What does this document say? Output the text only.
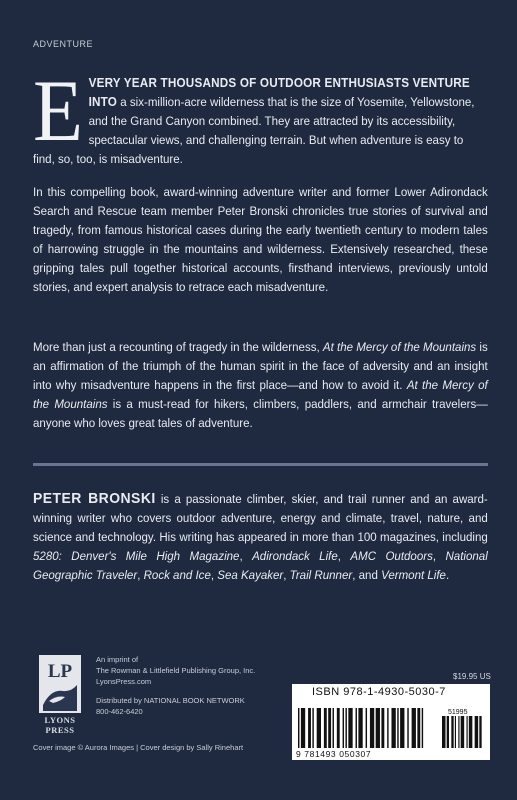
ADVENTURE
E VERY YEAR THOUSANDS OF OUTDOOR ENTHUSIASTS VENTURE INTO a six-million-acre wilderness that is the size of Yosemite, Yellowstone, and the Grand Canyon combined. They are attracted by its accessibility, spectacular views, and challenging terrain. But when adventure is easy to find, so, too, is misadventure.
In this compelling book, award-winning adventure writer and former Lower Adirondack Search and Rescue team member Peter Bronski chronicles true stories of survival and tragedy, from famous historical cases during the early twentieth century to modern tales of harrowing struggle in the mountains and wilderness. Extensively researched, these gripping tales pull together historical accounts, firsthand interviews, previously untold stories, and expert analysis to retrace each misadventure.
More than just a recounting of tragedy in the wilderness, At the Mercy of the Mountains is an affirmation of the triumph of the human spirit in the face of adversity and an insight into why misadventure happens in the first place—and how to avoid it. At the Mercy of the Mountains is a must-read for hikers, climbers, paddlers, and armchair travelers—anyone who loves great tales of adventure.
PETER BRONSKI is a passionate climber, skier, and trail runner and an award-winning writer who covers outdoor adventure, energy and climate, travel, nature, and science and technology. His writing has appeared in more than 100 magazines, including 5280: Denver's Mile High Magazine, Adirondack Life, AMC Outdoors, National Geographic Traveler, Rock and Ice, Sea Kayaker, Trail Runner, and Vermont Life.
LP
LYONS
PRESS
An imprint of
The Rowman & Littlefield Publishing Group, Inc.
LyonsPress.com
Distributed by NATIONAL BOOK NETWORK
800-462-6420
$19.95 US
51995
9 781493 050307
ISBN 978-1-4930-5030-7
Cover image © Aurora Images | Cover design by Sally Rinehart
